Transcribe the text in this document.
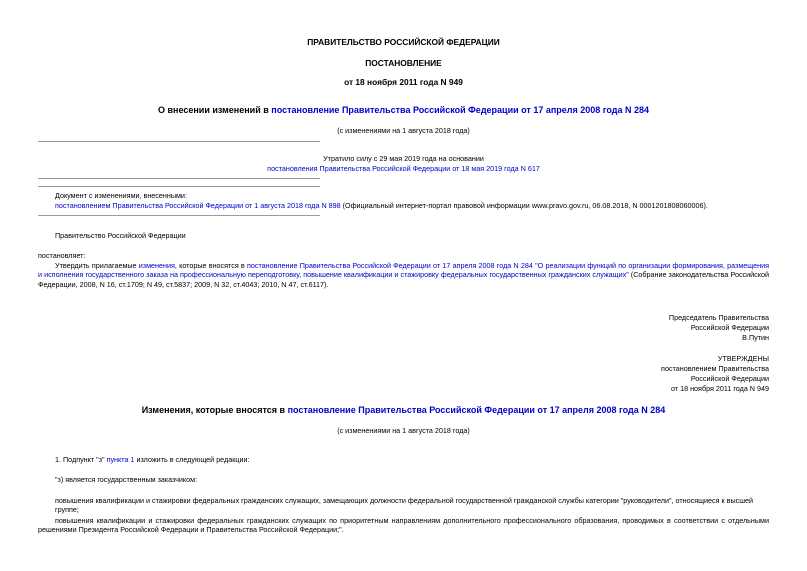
ПРАВИТЕЛЬСТВО РОССИЙСКОЙ ФЕДЕРАЦИИ
ПОСТАНОВЛЕНИЕ
от 18 ноября 2011 года N 949
О внесении изменений в постановление Правительства Российской Федерации от 17 апреля 2008 года N 284
(с изменениями на 1 августа 2018 года)
Утратило силу с 29 мая 2019 года на основании
постановления Правительства Российской Федерации от 18 мая 2019 года N 617
Документ с изменениями, внесенными:
постановлением Правительства Российской Федерации от 1 августа 2018 года N 898 (Официальный интернет-портал правовой информации www.pravo.gov.ru, 06.08.2018, N 0001201808060006).
Правительство Российской Федерации
постановляет:
Утвердить прилагаемые изменения, которые вносятся в постановление Правительства Российской Федерации от 17 апреля 2008 года N 284 "О реализации функций по организации формирования, размещения и исполнения государственного заказа на профессиональную переподготовку, повышение квалификации и стажировку федеральных государственных гражданских служащих" (Собрание законодательства Российской Федерации, 2008, N 16, ст.1709; N 49, ст.5837; 2009, N 32, ст.4043; 2010, N 47, ст.6117).
Председатель Правительства
Российской Федерации
В.Путин
УТВЕРЖДЕНЫ
постановлением Правительства
Российской Федерации
от 18 ноября 2011 года N 949
Изменения, которые вносятся в постановление Правительства Российской Федерации от 17 апреля 2008 года N 284
(с изменениями на 1 августа 2018 года)
1. Подпункт "з" пункта 1 изложить в следующей редакции:
"з) является государственным заказчиком:
повышения квалификации и стажировки федеральных гражданских служащих, замещающих должности федеральной государственной гражданской службы категории "руководители", относящиеся к высшей группе;
повышения квалификации и стажировки федеральных гражданских служащих по приоритетным направлениям дополнительного профессионального образования, проводимых в соответствии с отдельными решениями Президента Российской Федерации и Правительства Российской Федерации;".
